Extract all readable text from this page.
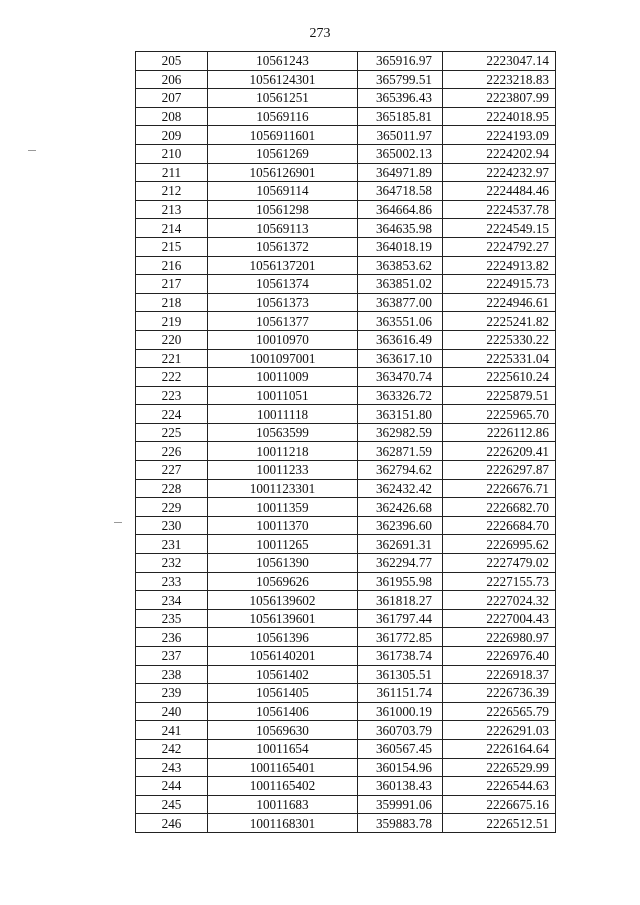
273
205	10561243	365916.97	2223047.14
206	1056124301	365799.51	2223218.83
207	10561251	365396.43	2223807.99
208	10569116	365185.81	2224018.95
209	1056911601	365011.97	2224193.09
210	10561269	365002.13	2224202.94
211	1056126901	364971.89	2224232.97
212	10569114	364718.58	2224484.46
213	10561298	364664.86	2224537.78
214	10569113	364635.98	2224549.15
215	10561372	364018.19	2224792.27
216	1056137201	363853.62	2224913.82
217	10561374	363851.02	2224915.73
218	10561373	363877.00	2224946.61
219	10561377	363551.06	2225241.82
220	10010970	363616.49	2225330.22
221	1001097001	363617.10	2225331.04
222	10011009	363470.74	2225610.24
223	10011051	363326.72	2225879.51
224	10011118	363151.80	2225965.70
225	10563599	362982.59	2226112.86
226	10011218	362871.59	2226209.41
227	10011233	362794.62	2226297.87
228	1001123301	362432.42	2226676.71
229	10011359	362426.68	2226682.70
230	10011370	362396.60	2226684.70
231	10011265	362691.31	2226995.62
232	10561390	362294.77	2227479.02
233	10569626	361955.98	2227155.73
234	1056139602	361818.27	2227024.32
235	1056139601	361797.44	2227004.43
236	10561396	361772.85	2226980.97
237	1056140201	361738.74	2226976.40
238	10561402	361305.51	2226918.37
239	10561405	361151.74	2226736.39
240	10561406	361000.19	2226565.79
241	10569630	360703.79	2226291.03
242	10011654	360567.45	2226164.64
243	1001165401	360154.96	2226529.99
244	1001165402	360138.43	2226544.63
245	10011683	359991.06	2226675.16
246	1001168301	359883.78	2226512.51
